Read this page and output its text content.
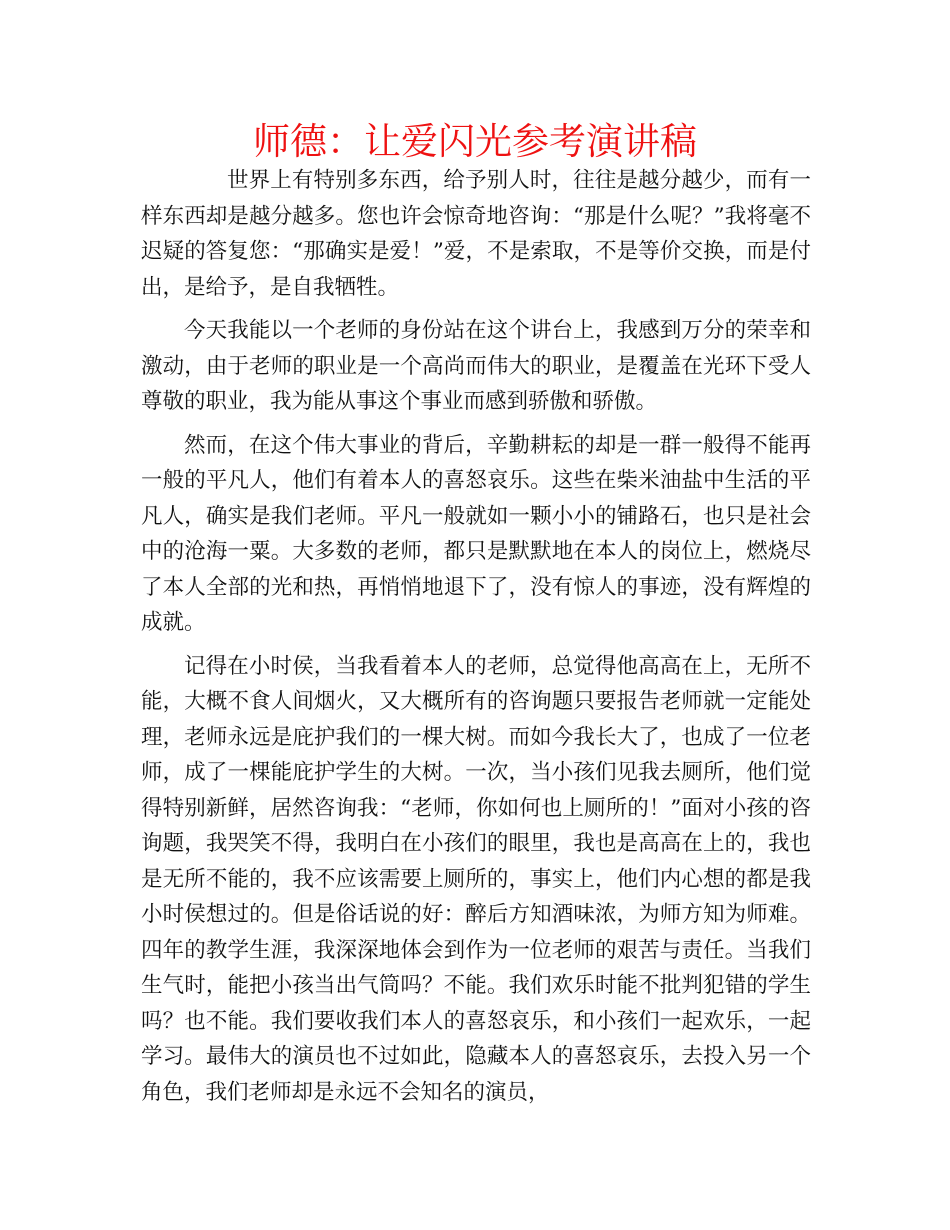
师德：让爱闪光参考演讲稿

世界上有特别多东西，给予别人时，往往是越分越少，而有一样东西却是越分越多。您也许会惊奇地咨询：“那是什么呢？”我将毫不迟疑的答复您：“那确实是爱！”爱，不是索取，不是等价交换，而是付出，是给予，是自我牺牲。

今天我能以一个老师的身份站在这个讲台上，我感到万分的荣幸和激动，由于老师的职业是一个高尚而伟大的职业，是覆盖在光环下受人尊敬的职业，我为能从事这个事业而感到骄傲和骄傲。

然而，在这个伟大事业的背后，辛勤耕耘的却是一群一般得不能再一般的平凡人，他们有着本人的喜怒哀乐。这些在柴米油盐中生活的平凡人，确实是我们老师。平凡一般就如一颗小小的铺路石，也只是社会中的沧海一粟。大多数的老师，都只是默默地在本人的岗位上，燃烧尽了本人全部的光和热，再悄悄地退下了，没有惊人的事迹，没有辉煌的成就。

记得在小时侯，当我看着本人的老师，总觉得他高高在上，无所不能，大概不食人间烟火，又大概所有的咨询题只要报告老师就一定能处理，老师永远是庇护我们的一棵大树。而如今我长大了，也成了一位老师，成了一棵能庇护学生的大树。一次，当小孩们见我去厕所，他们觉得特别新鲜，居然咨询我：“老师，你如何也上厕所的！”面对小孩的咨询题，我哭笑不得，我明白在小孩们的眼里，我也是高高在上的，我也是无所不能的，我不应该需要上厕所的，事实上，他们内心想的都是我小时侯想过的。但是俗话说的好：醉后方知酒味浓，为师方知为师难。四年的教学生涯，我深深地体会到作为一位老师的艰苦与责任。当我们生气时，能把小孩当出气筒吗？不能。我们欢乐时能不批判犯错的学生吗？也不能。我们要收我们本人的喜怒哀乐，和小孩们一起欢乐，一起学习。最伟大的演员也不过如此，隐藏本人的喜怒哀乐，去投入另一个角色，我们老师却是永远不会知名的演员，
